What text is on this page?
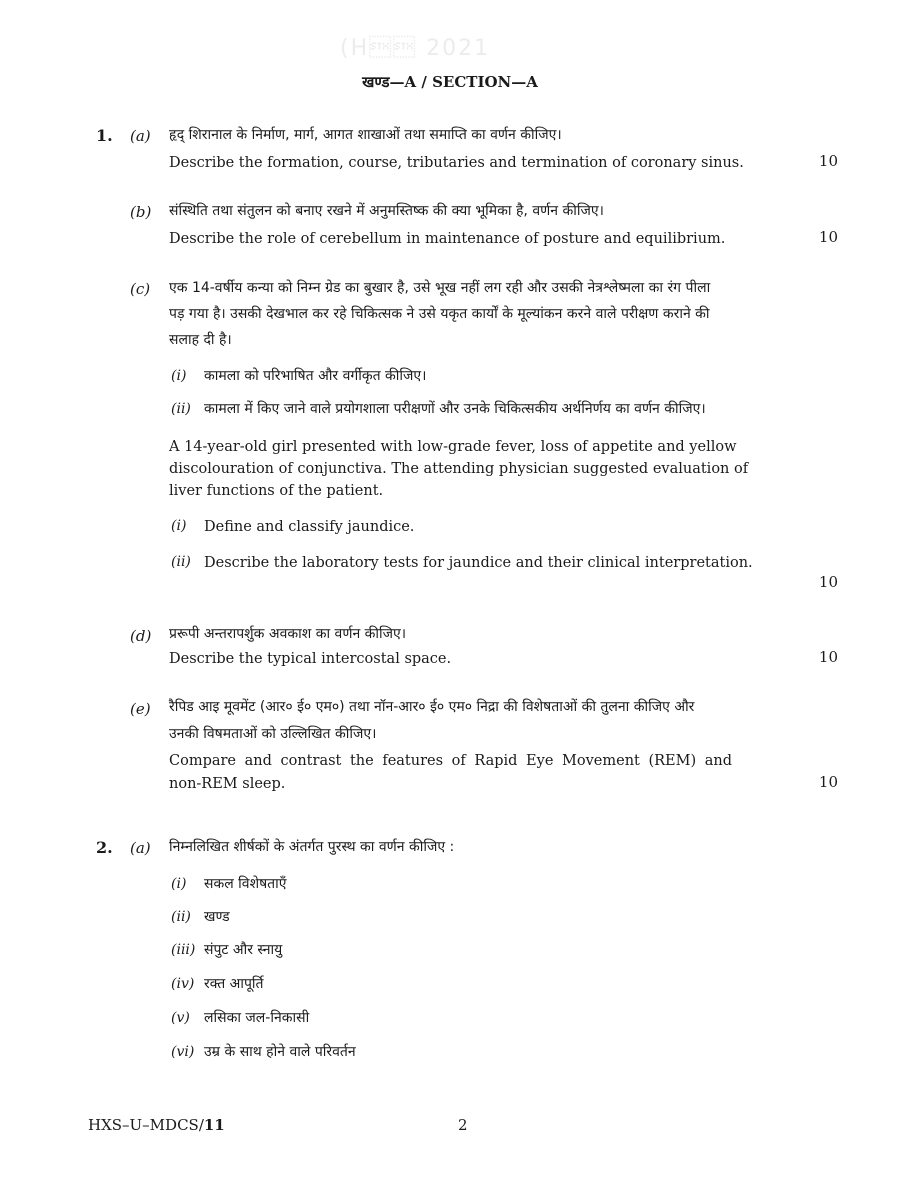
(H 2021
खण्ड—A / SECTION—A
1. (a) हृद् शिरानाल के निर्माण, मार्ग, आगत शाखाओं तथा समाप्ति का वर्णन कीजिए।
Describe the formation, course, tributaries and termination of coronary sinus.	10
(b) संस्थिति तथा संतुलन को बनाए रखने में अनुमस्तिष्क की क्या भूमिका है, वर्णन कीजिए।
Describe the role of cerebellum in maintenance of posture and equilibrium.	10
(c) एक 14-वर्षीय कन्या को निम्न ग्रेड का बुखार है, उसे भूख नहीं लग रही और उसकी नेत्रश्लेष्मला का रंग पीला
पड़ गया है। उसकी देखभाल कर रहे चिकित्सक ने उसे यकृत कार्यों के मूल्यांकन करने वाले परीक्षण कराने की
सलाह दी है।
(i) कामला को परिभाषित और वर्गीकृत कीजिए।
(ii) कामला में किए जाने वाले प्रयोगशाला परीक्षणों और उनके चिकित्सकीय अर्थनिर्णय का वर्णन कीजिए।
A 14-year-old girl presented with low-grade fever, loss of appetite and yellow
discolouration of conjunctiva. The attending physician suggested evaluation of
liver functions of the patient.
(i) Define and classify jaundice.
(ii) Describe the laboratory tests for jaundice and their clinical interpretation.
10
(d) प्ररूपी अन्तरापर्शुक अवकाश का वर्णन कीजिए।
Describe the typical intercostal space.	10
(e) रैपिड आइ मूवमेंट (आर० ई० एम०) तथा नॉन-आर० ई० एम० निद्रा की विशेषताओं की तुलना कीजिए और
उनकी विषमताओं को उल्लिखित कीजिए।
Compare and contrast the features of Rapid Eye Movement (REM) and
non-REM sleep.	10
2. (a) निम्नलिखित शीर्षकों के अंतर्गत पुरस्थ का वर्णन कीजिए :
(i) सकल विशेषताएँ
(ii) खण्ड
(iii) संपुट और स्नायु
(iv) रक्त आपूर्ति
(v) लसिका जल-निकासी
(vi) उम्र के साथ होने वाले परिवर्तन
HXS–U–MDCS/11	2
